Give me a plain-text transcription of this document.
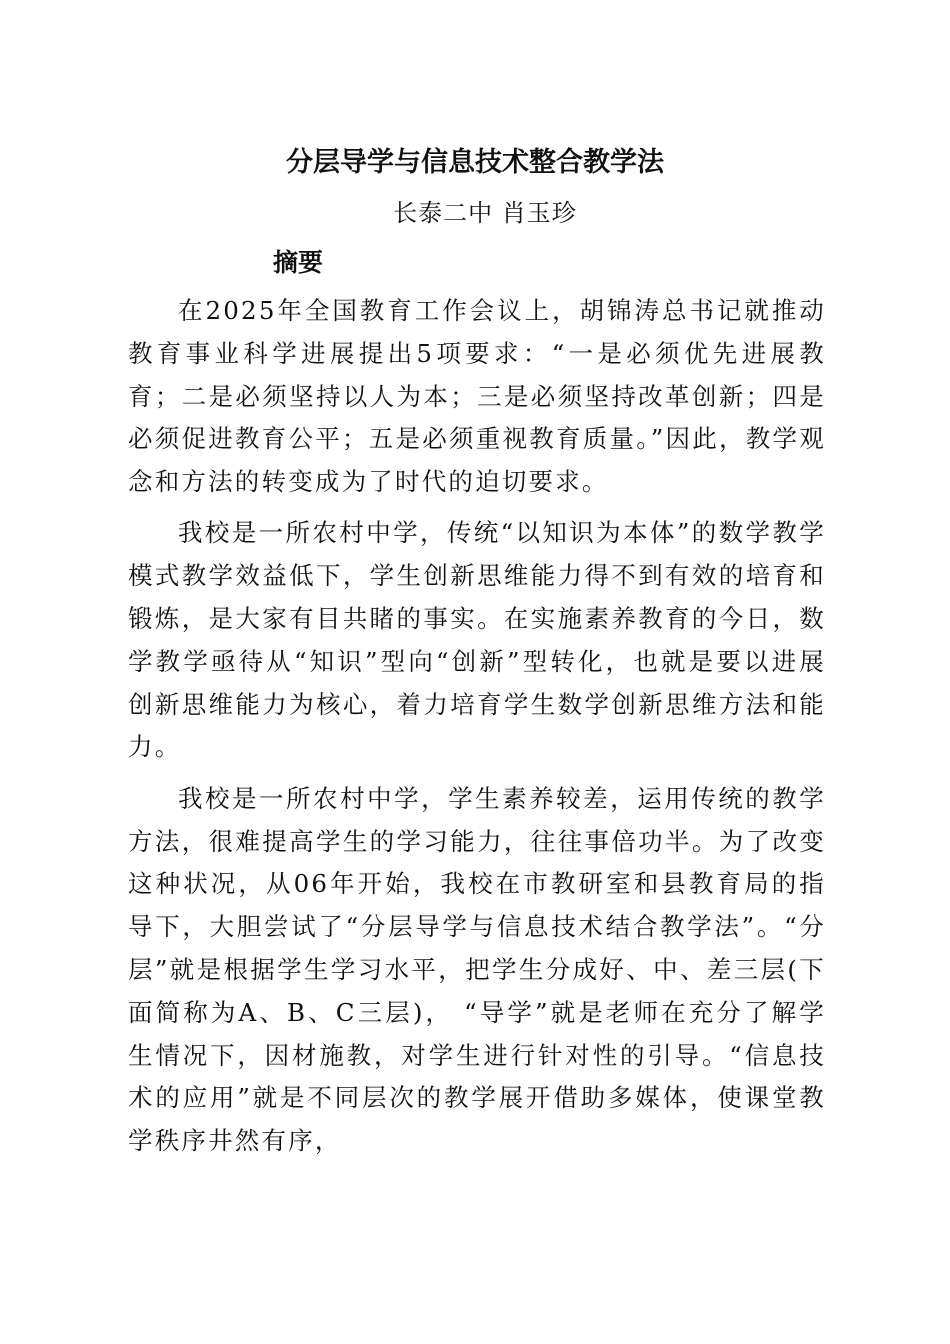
分层导学与信息技术整合教学法
长泰二中 肖玉珍
摘要

在2025年全国教育工作会议上，胡锦涛总书记就推动教育事业科学进展提出5项要求：“一是必须优先进展教育；二是必须坚持以人为本；三是必须坚持改革创新；四是必须促进教育公平；五是必须重视教育质量。”因此，教学观念和方法的转变成为了时代的迫切要求。

我校是一所农村中学，传统“以知识为本体”的数学教学模式教学效益低下，学生创新思维能力得不到有效的培育和锻炼，是大家有目共睹的事实。在实施素养教育的今日，数学教学亟待从“知识”型向“创新”型转化，也就是要以进展创新思维能力为核心，着力培育学生数学创新思维方法和能力。

我校是一所农村中学，学生素养较差，运用传统的教学方法，很难提高学生的学习能力，往往事倍功半。为了改变这种状况，从06年开始，我校在市教研室和县教育局的指导下，大胆尝试了“分层导学与信息技术结合教学法”。“分层”就是根据学生学习水平，把学生分成好、中、差三层(下面简称为A、B、C三层)， “导学”就是老师在充分了解学生情况下，因材施教，对学生进行针对性的引导。“信息技术的应用”就是不同层次的教学展开借助多媒体，使课堂教学秩序井然有序，
